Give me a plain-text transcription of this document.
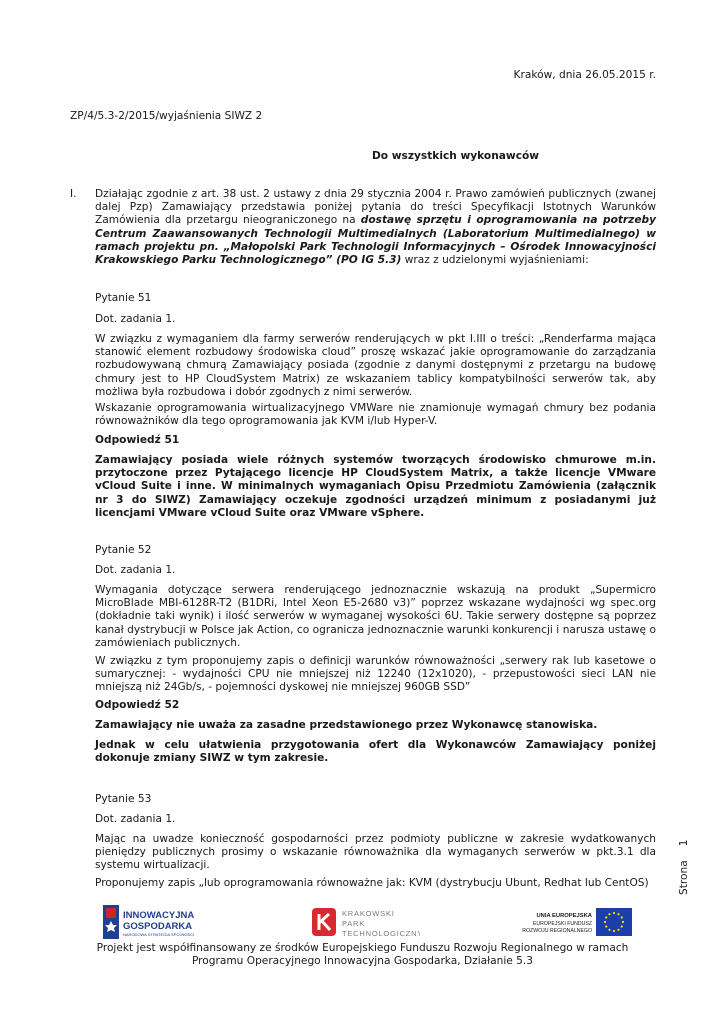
Kraków, dnia 26.05.2015 r.

ZP/4/5.3-2/2015/wyjaśnienia SIWZ 2

Do wszystkich wykonawców

I. Działając zgodnie z art. 38 ust. 2 ustawy z dnia 29 stycznia 2004 r. Prawo zamówień publicznych (zwanej dalej Pzp) Zamawiający przedstawia poniżej pytania do treści Specyfikacji Istotnych Warunków Zamówienia dla przetargu nieograniczonego na dostawę sprzętu i oprogramowania na potrzeby Centrum Zaawansowanych Technologii Multimedialnych (Laboratorium Multimedialnego) w ramach projektu pn. „Małopolski Park Technologii Informacyjnych – Ośrodek Innowacyjności Krakowskiego Parku Technologicznego” (PO IG 5.3) wraz z udzielonymi wyjaśnieniami:

Pytanie 51

Dot. zadania 1.

W związku z wymaganiem dla farmy serwerów renderujących w pkt I.III o treści: „Renderfarma mająca stanowić element rozbudowy środowiska cloud” proszę wskazać jakie oprogramowanie do zarządzania rozbudowywaną chmurą Zamawiający posiada (zgodnie z danymi dostępnymi z przetargu na budowę chmury jest to HP CloudSystem Matrix) ze wskazaniem tablicy kompatybilności serwerów tak, aby możliwa była rozbudowa i dobór zgodnych z nimi serwerów.

Wskazanie oprogramowania wirtualizacyjnego VMWare nie znamionuje wymagań chmury bez podania równoważników dla tego oprogramowania jak KVM i/lub Hyper-V.

Odpowiedź 51

Zamawiający posiada wiele różnych systemów tworzących środowisko chmurowe m.in. przytoczone przez Pytającego licencje HP CloudSystem Matrix, a także licencje VMware vCloud Suite i inne. W minimalnych wymaganiach Opisu Przedmiotu Zamówienia (załącznik nr 3 do SIWZ) Zamawiający oczekuje zgodności urządzeń minimum z posiadanymi już licencjami VMware vCloud Suite oraz VMware vSphere.

Pytanie 52

Dot. zadania 1.

Wymagania dotyczące serwera renderującego jednoznacznie wskazują na produkt „Supermicro MicroBlade MBI-6128R-T2 (B1DRi, Intel Xeon E5-2680 v3)” poprzez wskazane wydajności wg spec.org (dokładnie taki wynik) i ilość serwerów w wymaganej wysokości 6U. Takie serwery dostępne są poprzez kanał dystrybucji w Polsce jak Action, co ogranicza jednoznacznie warunki konkurencji i narusza ustawę o zamówieniach publicznych.

W związku z tym proponujemy zapis o definicji warunków równoważności „serwery rak lub kasetowe o sumarycznej: - wydajności CPU nie mniejszej niż 12240 (12x1020), - przepustowości sieci LAN nie mniejszą niż 24Gb/s, - pojemności dyskowej nie mniejszej 960GB SSD”

Odpowiedź 52

Zamawiający nie uważa za zasadne przedstawionego przez Wykonawcę stanowiska.

Jednak w celu ułatwienia przygotowania ofert dla Wykonawców Zamawiający poniżej dokonuje zmiany SIWZ w tym zakresie.

Pytanie 53

Dot. zadania 1.

Mając na uwadze konieczność gospodarności przez podmioty publiczne w zakresie wydatkowanych pieniędzy publicznych prosimy o wskazanie równoważnika dla wymaganych serwerów w pkt.3.1 dla systemu wirtualizacji.

Proponujemy zapis „lub oprogramowania równoważne jak: KVM (dystrybucju Ubunt, Redhat lub CentOS)	Strona1
INNOWACYJNA
GOSPODARKA
NARODOWA STRATEGIA SPÓJNOŚCI
KRAKOWSKI
PARK
TECHNOLOGICZNY
UNIA EUROPEJSKA
EUROPEJSKI FUNDUSZ
ROZWOJU REGIONALNEGO
Projekt jest współfinansowany ze środków Europejskiego Funduszu Rozwoju Regionalnego w ramach
Programu Operacyjnego Innowacyjna Gospodarka, Działanie 5.3
